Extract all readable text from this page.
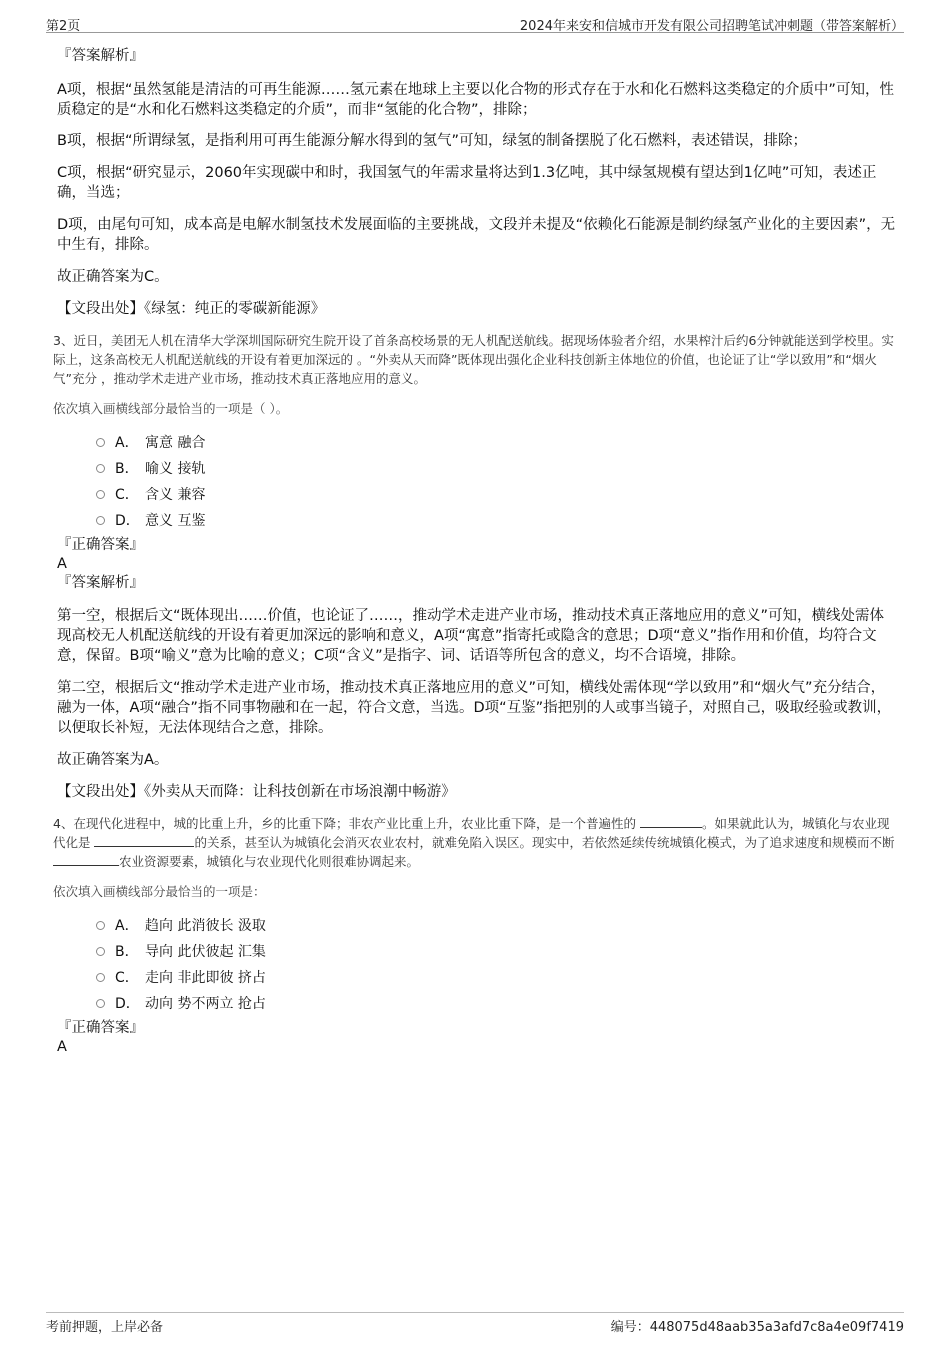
第2页	2024年来安和信城市开发有限公司招聘笔试冲刺题（带答案解析）

『答案解析』

A项，根据“虽然氢能是清洁的可再生能源……氢元素在地球上主要以化合物的形式存在于水和化石燃料这类稳定的介质中”可知，性质稳定的是“水和化石燃料这类稳定的介质”，而非“氢能的化合物”，排除；

B项，根据“所谓绿氢，是指利用可再生能源分解水得到的氢气”可知，绿氢的制备摆脱了化石燃料，表述错误，排除；

C项，根据“研究显示，2060年实现碳中和时，我国氢气的年需求量将达到1.3亿吨，其中绿氢规模有望达到1亿吨”可知，表述正确，当选；

D项，由尾句可知，成本高是电解水制氢技术发展面临的主要挑战，文段并未提及“依赖化石能源是制约绿氢产业化的主要因素”，无中生有，排除。

故正确答案为C。

【文段出处】《绿氢：纯正的零碳新能源》

3、近日，美团无人机在清华大学深圳国际研究生院开设了首条高校场景的无人机配送航线。据现场体验者介绍，水果榨汁后约6分钟就能送到学校里。实际上，这条高校无人机配送航线的开设有着更加深远的 。“外卖从天而降”既体现出强化企业科技创新主体地位的价值，也论证了让“学以致用”和“烟火气”充分 ，推动学术走进产业市场，推动技术真正落地应用的意义。

依次填入画横线部分最恰当的一项是（ ）。

A． 寓意 融合
B． 喻义 接轨
C． 含义 兼容
D． 意义 互鉴

『正确答案』

A

『答案解析』

第一空，根据后文“既体现出……价值，也论证了……，推动学术走进产业市场，推动技术真正落地应用的意义”可知，横线处需体现高校无人机配送航线的开设有着更加深远的影响和意义，A项“寓意”指寄托或隐含的意思；D项“意义”指作用和价值，均符合文意，保留。B项“喻义”意为比喻的意义；C项“含义”是指字、词、话语等所包含的意义，均不合语境，排除。

第二空，根据后文“推动学术走进产业市场，推动技术真正落地应用的意义”可知，横线处需体现“学以致用”和“烟火气”充分结合，融为一体，A项“融合”指不同事物融和在一起，符合文意，当选。D项“互鉴”指把别的人或事当镜子，对照自己，吸取经验或教训，以便取长补短，无法体现结合之意，排除。

故正确答案为A。

【文段出处】《外卖从天而降：让科技创新在市场浪潮中畅游》

4、在现代化进程中，城的比重上升，乡的比重下降；非农产业比重上升，农业比重下降，是一个普遍性的	。如果就此认为，城镇化与农业现代化是	的关系，甚至认为城镇化会消灭农业农村，就难免陷入误区。现实中，若依然延续传统城镇化模式，为了追求速度和规模而不断 农业资源要素，城镇化与农业现代化则很难协调起来。

依次填入画横线部分最恰当的一项是：

A． 趋向 此消彼长 汲取
B． 导向 此伏彼起 汇集
C． 走向 非此即彼 挤占
D． 动向 势不两立 抢占

『正确答案』

A

考前押题，上岸必备	编号：448075d48aab35a3afd7c8a4e09f7419
